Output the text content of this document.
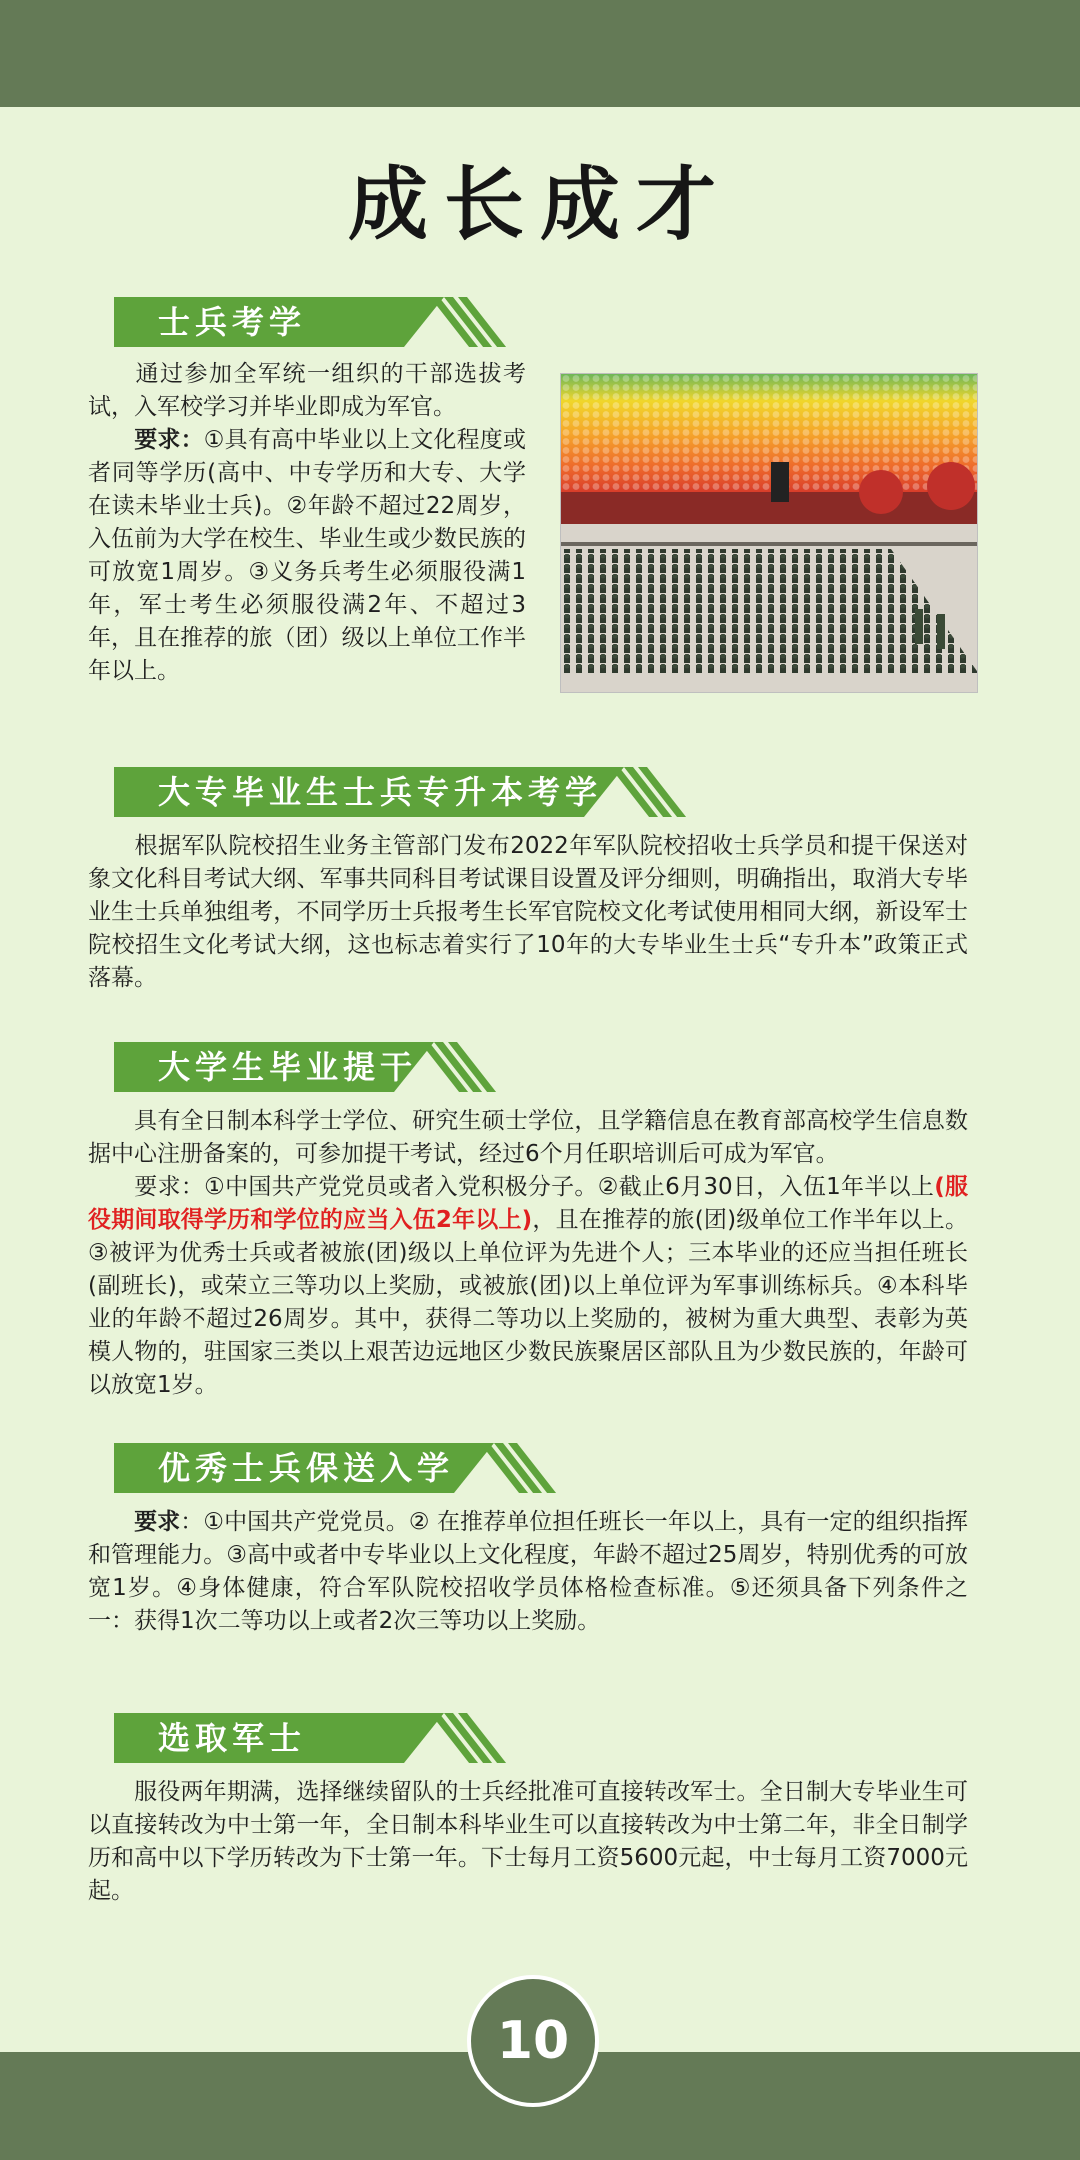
成长成才
士兵考学

通过参加全军统一组织的干部选拔考试，入军校学习并毕业即成为军官。

要求：①具有高中毕业以上文化程度或者同等学历(高中、中专学历和大专、大学在读未毕业士兵)。②年龄不超过22周岁，入伍前为大学在校生、毕业生或少数民族的可放宽1周岁。③义务兵考生必须服役满1年，军士考生必须服役满2年、不超过3年，且在推荐的旅（团）级以上单位工作半年以上。

大专毕业生士兵专升本考学

根据军队院校招生业务主管部门发布2022年军队院校招收士兵学员和提干保送对象文化科目考试大纲、军事共同科目考试课目设置及评分细则，明确指出，取消大专毕业生士兵单独组考，不同学历士兵报考生长军官院校文化考试使用相同大纲，新设军士院校招生文化考试大纲，这也标志着实行了10年的大专毕业生士兵“专升本”政策正式落幕。

大学生毕业提干

具有全日制本科学士学位、研究生硕士学位，且学籍信息在教育部高校学生信息数据中心注册备案的，可参加提干考试，经过6个月任职培训后可成为军官。

要求：①中国共产党党员或者入党积极分子。②截止6月30日，入伍1年半以上(服役期间取得学历和学位的应当入伍2年以上)，且在推荐的旅(团)级单位工作半年以上。③被评为优秀士兵或者被旅(团)级以上单位评为先进个人；三本毕业的还应当担任班长(副班长)，或荣立三等功以上奖励，或被旅(团)以上单位评为军事训练标兵。④本科毕业的年龄不超过26周岁。其中，获得二等功以上奖励的，被树为重大典型、表彰为英模人物的，驻国家三类以上艰苦边远地区少数民族聚居区部队且为少数民族的，年龄可以放宽1岁。

优秀士兵保送入学

要求：①中国共产党党员。② 在推荐单位担任班长一年以上，具有一定的组织指挥和管理能力。③高中或者中专毕业以上文化程度，年龄不超过25周岁，特别优秀的可放宽1岁。④身体健康，符合军队院校招收学员体格检查标准。⑤还须具备下列条件之一：获得1次二等功以上或者2次三等功以上奖励。

选取军士

服役两年期满，选择继续留队的士兵经批准可直接转改军士。全日制大专毕业生可以直接转改为中士第一年，全日制本科毕业生可以直接转改为中士第二年，非全日制学历和高中以下学历转改为下士第一年。下士每月工资5600元起，中士每月工资7000元起。

10
